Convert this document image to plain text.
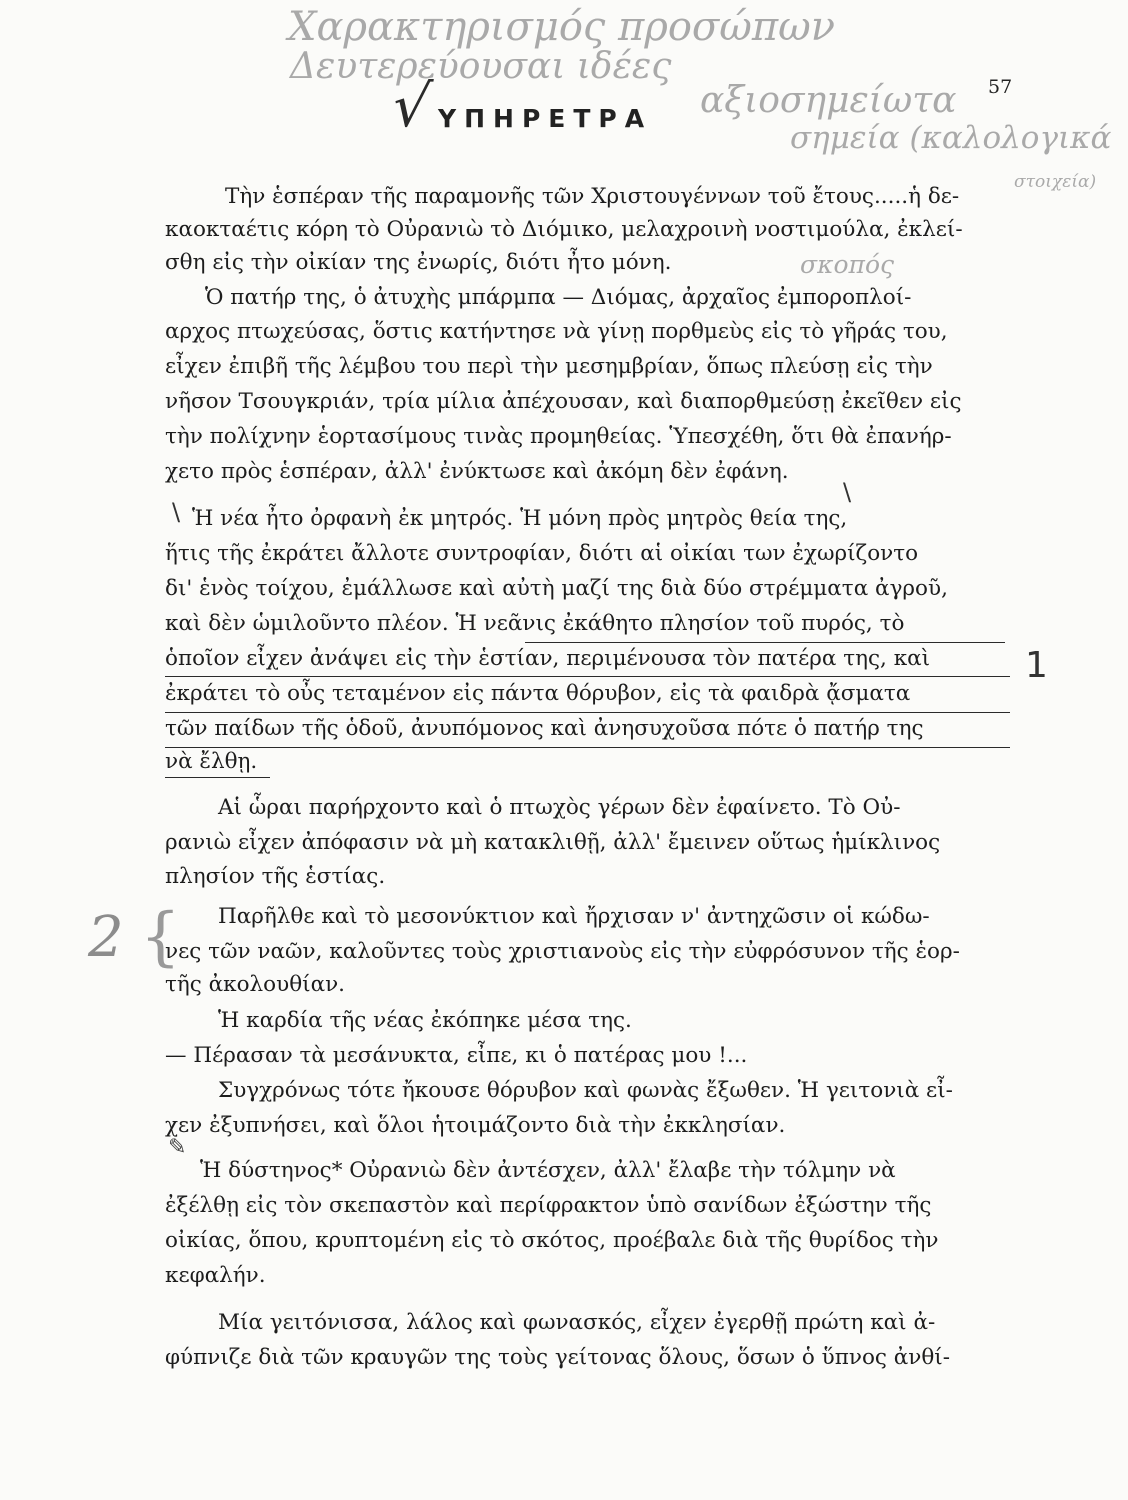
Χαρακτηρισμός προσώπων
Δευτερεύουσαι ιδέες
αξιοσημείωτα
σημεία (καλολογικά
στοιχεία)
σκοπός
57
√ ΥΠΗΡΕΤΡΑ
Τὴν ἑσπέραν τῆς παραμονῆς τῶν Χριστουγέννων τοῦ ἔτους.....ἡ δε-
καοκταέτις κόρη τὸ Οὐρανιὼ τὸ Διόμικο, μελαχροινὴ νοστιμούλα, ἐκλεί-
σθη εἰς τὴν οἰκίαν της ἐνωρίς, διότι ἦτο μόνη.
Ὁ πατήρ της, ὁ ἀτυχὴς μπάρμπα — Διόμας, ἀρχαῖος ἐμποροπλοί-
αρχος πτωχεύσας, ὅστις κατήντησε νὰ γίνῃ πορθμεὺς εἰς τὸ γῆράς του,
εἶχεν ἐπιβῆ τῆς λέμβου του περὶ τὴν μεσημβρίαν, ὅπως πλεύσῃ εἰς τὴν
νῆσον Τσουγκριάν, τρία μίλια ἀπέχουσαν, καὶ διαπορθμεύσῃ ἐκεῖθεν εἰς
τὴν πολίχνην ἑορτασίμους τινὰς προμηθείας. Ὑπεσχέθη, ὅτι θὰ ἐπανήρ-
χετο πρὸς ἑσπέραν, ἀλλ' ἐνύκτωσε καὶ ἀκόμη δὲν ἐφάνη.
\
\ Ἡ νέα ἦτο ὀρφανὴ ἐκ μητρός. Ἡ μόνη πρὸς μητρὸς θεία της,
ἥτις τῆς ἐκράτει ἄλλοτε συντροφίαν, διότι αἱ οἰκίαι των ἐχωρίζοντο
δι' ἑνὸς τοίχου, ἐμάλλωσε καὶ αὐτὴ μαζί της διὰ δύο στρέμματα ἀγροῦ,
καὶ δὲν ὡμιλοῦντο πλέον. Ἡ νεᾶνις ἐκάθητο πλησίον τοῦ πυρός, τὸ
ὁποῖον εἶχεν ἀνάψει εἰς τὴν ἑστίαν, περιμένουσα τὸν πατέρα της, καὶ
ἐκράτει τὸ οὖς τεταμένον εἰς πάντα θόρυβον, εἰς τὰ φαιδρὰ ᾄσματα
τῶν παίδων τῆς ὁδοῦ, ἀνυπόμονος καὶ ἀνησυχοῦσα πότε ὁ πατήρ της
νὰ ἔλθῃ.
1
Αἱ ὧραι παρήρχοντο καὶ ὁ πτωχὸς γέρων δὲν ἐφαίνετο. Τὸ Οὐ-
ρανιὼ εἶχεν ἀπόφασιν νὰ μὴ κατακλιθῇ, ἀλλ' ἔμεινεν οὕτως ἡμίκλινος
πλησίον τῆς ἑστίας.
Παρῆλθε καὶ τὸ μεσονύκτιον καὶ ἤρχισαν ν' ἀντηχῶσιν οἱ κώδω-
νες τῶν ναῶν, καλοῦντες τοὺς χριστιανοὺς εἰς τὴν εὐφρόσυνον τῆς ἑορ-
τῆς ἀκολουθίαν.
2 {
Ἡ καρδία τῆς νέας ἐκόπηκε μέσα της.
— Πέρασαν τὰ μεσάνυκτα, εἶπε, κι ὁ πατέρας μου !...
Συγχρόνως τότε ἤκουσε θόρυβον καὶ φωνὰς ἔξωθεν. Ἡ γειτονιὰ εἶ-
χεν ἐξυπνήσει, καὶ ὅλοι ἡτοιμάζοντο διὰ τὴν ἐκκλησίαν.
Ἡ δύστηνος* Οὐρανιὼ δὲν ἀντέσχεν, ἀλλ' ἔλαβε τὴν τόλμην νὰ
ἐξέλθῃ εἰς τὸν σκεπαστὸν καὶ περίφρακτον ὑπὸ σανίδων ἐξώστην τῆς
οἰκίας, ὅπου, κρυπτομένη εἰς τὸ σκότος, προέβαλε διὰ τῆς θυρίδος τὴν
κεφαλήν.
Μία γειτόνισσα, λάλος καὶ φωνασκός, εἶχεν ἐγερθῇ πρώτη καὶ ἀ-
φύπνιζε διὰ τῶν κραυγῶν της τοὺς γείτονας ὅλους, ὅσων ὁ ὕπνος ἀνθί-
✎
